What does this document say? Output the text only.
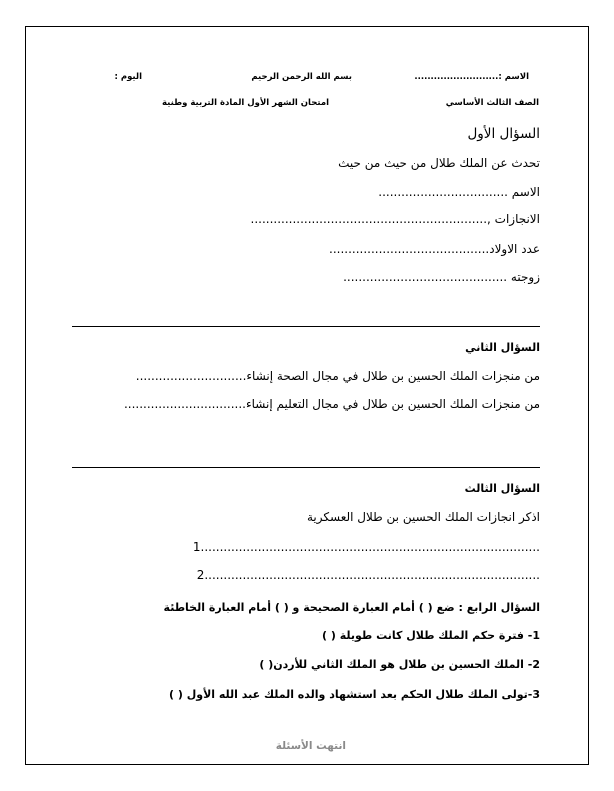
الاسم :..........................
بسم الله الرحمن الرحيم
اليوم :
الصف الثالث الأساسي
امتحان الشهر الأول المادة التربية وطنية
السؤال الأول
تحدث عن الملك طلال من حيث من حيث
الاسم ..................................
الانجازات ,..............................................................
عدد الاولاد..........................................
زوجته ...........................................
السؤال الثاني
من منجزات الملك الحسين بن طلال في مجال الصحة إنشاء.............................
من منجزات الملك الحسين بن طلال في مجال التعليم إنشاء................................
السؤال الثالث
اذكر انجازات الملك الحسين بن طلال العسكرية
1.........................................................................................
2........................................................................................
السؤال الرابع : ضع ( ) أمام العبارة الصحيحة و ( ) أمام العبارة الخاطئة
1- فترة حكم الملك طلال كانت طويلة ( )
2- الملك الحسين بن طلال هو الملك الثاني للأردن( )
3-تولى الملك طلال الحكم بعد استشهاد والده الملك عبد الله الأول ( )
انتهت الأسئلة
